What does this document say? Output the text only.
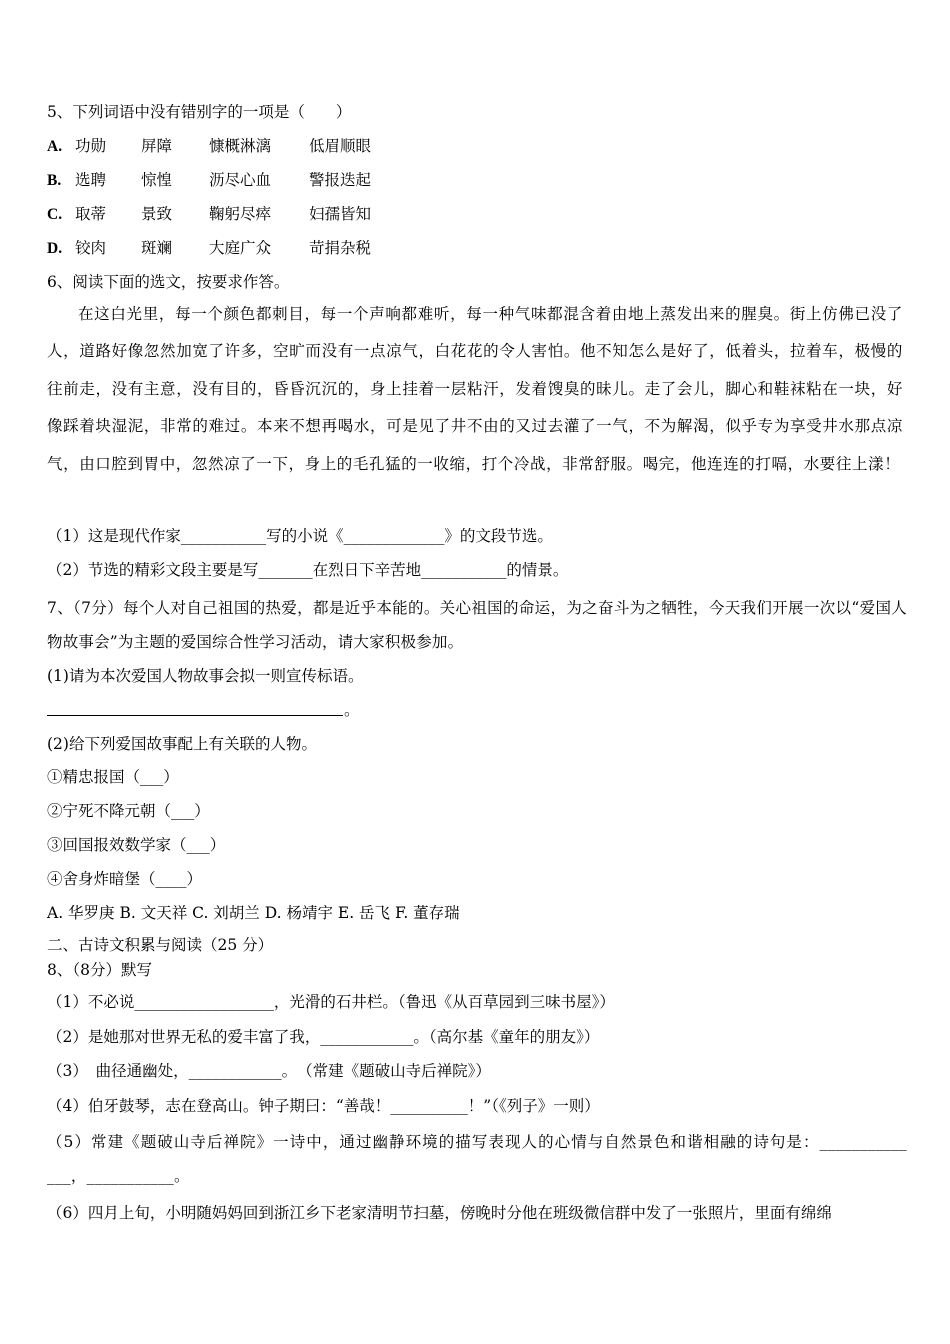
5、下列词语中没有错别字的一项是（　　）
A. 功勋 屏障 慷概淋漓 低眉顺眼
B. 选聘 惊惶 沥尽心血 警报迭起
C. 取蒂 景致 鞠躬尽瘁 妇孺皆知
D. 铰肉 斑斓 大庭广众 苛捐杂税
6、阅读下面的选文，按要求作答。
在这白光里，每一个颜色都刺目，每一个声响都难听，每一种气味都混含着由地上蒸发出来的腥臭。街上仿佛已没了人，道路好像忽然加宽了许多，空旷而没有一点凉气，白花花的令人害怕。他不知怎么是好了，低着头，拉着车，极慢的往前走，没有主意，没有目的，昏昏沉沉的，身上挂着一层粘汗，发着馊臭的昧儿。走了会儿，脚心和鞋袜粘在一块，好像踩着块湿泥，非常的难过。本来不想再喝水，可是见了井不由的又过去灌了一气，不为解渴，似乎专为享受井水那点凉气，由口腔到胃中，忽然凉了一下，身上的毛孔猛的一收缩，打个冷战，非常舒服。喝完，他连连的打嗝，水要往上漾！
（1）这是现代作家___________写的小说《_____________》的文段节选。
（2）节选的精彩文段主要是写_______在烈日下辛苦地___________的情景。
7、（7分）每个人对自己祖国的热爱，都是近乎本能的。关心祖国的命运，为之奋斗为之牺牲，今天我们开展一次以“爱国人物故事会”为主题的爱国综合性学习活动，请大家积极参加。
(1)请为本次爱国人物故事会拟一则宣传标语。
。
(2)给下列爱国故事配上有关联的人物。
①精忠报国（___）
②宁死不降元朝（___）
③回国报效数学家（___）
④舍身炸暗堡（____）
A. 华罗庚 B. 文天祥 C. 刘胡兰 D. 杨靖宇 E. 岳飞 F. 董存瑞
二、古诗文积累与阅读（25 分）
8、（8分）默写
（1）不必说__________________，光滑的石井栏。（鲁迅《从百草园到三味书屋》）
（2）是她那对世界无私的爱丰富了我，____________。（高尔基《童年的朋友》）
（3）　曲径通幽处，____________。　（常建《题破山寺后禅院》）
（4）伯牙鼓琴，志在登高山。钟子期曰：“善哉！__________！”（《列子》一则）
（5）常建《题破山寺后禅院》一诗中，通过幽静环境的描写表现人的心情与自然景色和谐相融的诗句是：___________ ___，___________。
（6）四月上旬，小明随妈妈回到浙江乡下老家清明节扫墓，傍晚时分他在班级微信群中发了一张照片，里面有绵绵
